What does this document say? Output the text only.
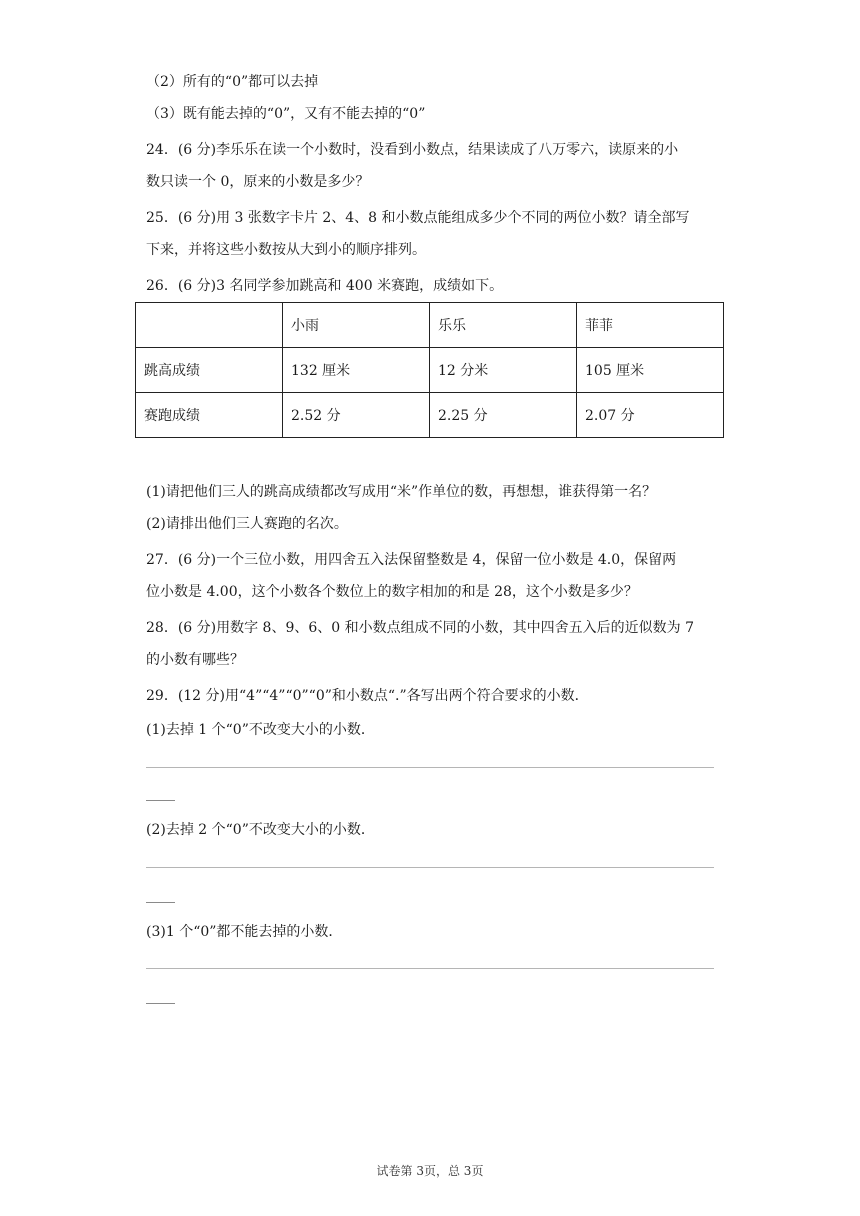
（2）所有的“0”都可以去掉
（3）既有能去掉的“0”，又有不能去掉的“0”
24．(6 分)李乐乐在读一个小数时，没看到小数点，结果读成了八万零六，读原来的小
数只读一个 0，原来的小数是多少？
25．(6 分)用 3 张数字卡片 2、4、8 和小数点能组成多少个不同的两位小数？请全部写
下来，并将这些小数按从大到小的顺序排列。
26．(6 分)3 名同学参加跳高和 400 米赛跑，成绩如下。
	小雨	乐乐	菲菲
跳高成绩	132 厘米	12 分米	105 厘米
赛跑成绩	2.52 分	2.25 分	2.07 分
(1)请把他们三人的跳高成绩都改写成用“米”作单位的数，再想想，谁获得第一名？
(2)请排出他们三人赛跑的名次。
27．(6 分)一个三位小数，用四舍五入法保留整数是 4，保留一位小数是 4.0，保留两
位小数是 4.00，这个小数各个数位上的数字相加的和是 28，这个小数是多少？
28．(6 分)用数字 8、9、6、0 和小数点组成不同的小数，其中四舍五入后的近似数为 7
的小数有哪些？
29．(12 分)用“4”“4”“0”“0”和小数点“.”各写出两个符合要求的小数．
(1)去掉 1 个“0”不改变大小的小数．
(2)去掉 2 个“0”不改变大小的小数．
(3)1 个“0”都不能去掉的小数．
试卷第 3页，总 3页
